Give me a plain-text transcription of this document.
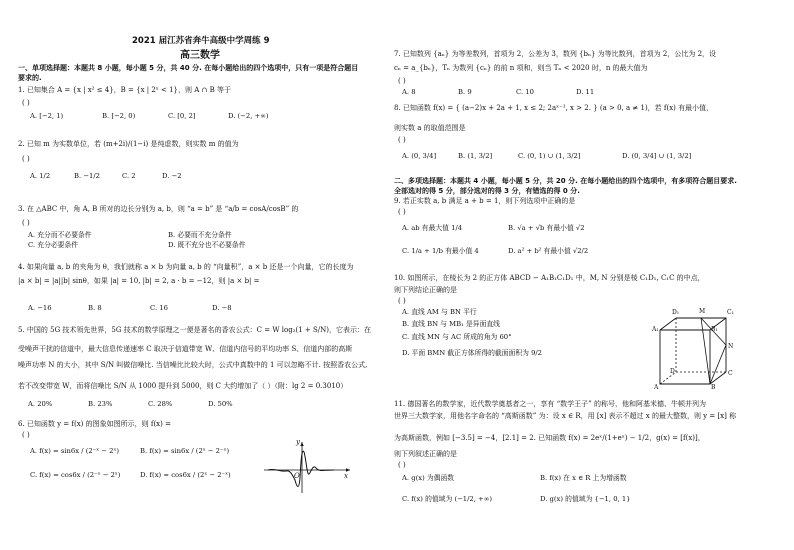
2021 届江苏省奔牛高级中学周练 9
高三数学
一、单项选择题：本题共 8 小题，每小题 5 分，共 40 分. 在每小题给出的四个选项中，只有一项是符合题目
要求的.
1. 已知集合 A = {x | x² ≤ 4}，B = {x | 2ˣ < 1}，则 A ∩ B 等于
( )
A. [−2, 1)	B. [−2, 0)	C. [0, 2]	D. (−2, +∞)
2. 已知 m 为实数单位，若 (m+2i)/(1−i) 是纯虚数，则实数 m 的值为
( )
A. 1/2	B. −1/2	C. 2	D. −2
3. 在 △ABC 中，角 A, B 所对的边长分别为 a, b，则 “a = b” 是 “a/b = cosA/cosB” 的
( )
A. 充分而不必要条件	B. 必要而不充分条件
C. 充分必要条件	D. 既不充分也不必要条件
4. 如果向量 a, b 的夹角为 θ，我们就称 a × b 为向量 a, b 的 “向量积”，a × b 还是一个向量，它的长度为
|a × b| = |a||b| sinθ，如果 |a| = 10, |b| = 2, a · b = −12，则 |a × b| =
A. −16	B. 8	C. 16	D. −8
5. 中国的 5G 技术领先世界，5G 技术的数学原理之一便是著名的香农公式：C = W log₂(1 + S/N)，它表示：在
受噪声干扰的信道中，最大信息传递速率 C 取决于信道带宽 W、信道内信号的平均功率 S、信道内部的高斯
噪声功率 N 的大小，其中 S/N 叫做信噪比. 当信噪比比较大时，公式中真数中的 1 可以忽略不计. 按照香农公式,
若不改变带宽 W，而将信噪比 S/N 从 1000 提升到 5000，则 C 大约增加了（ ）（附：lg 2 = 0.3010）
A. 20%	B. 23%	C. 28%	D. 50%
6. 已知函数 y = f(x) 的图象如图所示，则 f(x) =
( )
A. f(x) = sin6x / (2⁻ˣ − 2ˣ)	B. f(x) = sin6x / (2ˣ − 2⁻ˣ)
C. f(x) = cos6x / (2⁻ˣ − 2ˣ)	D. f(x) = cos6x / (2ˣ − 2⁻ˣ)
y
x
O
7. 已知数列 {aₙ} 为等差数列，首项为 2，公差为 3，数列 {bₙ} 为等比数列，首项为 2，公比为 2，设
cₙ = a_{bₙ}，Tₙ 为数列 {cₙ} 的前 n 项和，则当 Tₙ < 2020 时，n 的最大值为
( )
A. 8	B. 9	C. 10	D. 11
8. 已知函数 f(x) = { (a−2)x + 2a + 1, x ≤ 2; 2aˣ⁻¹, x > 2. } (a > 0, a ≠ 1)，若 f(x) 有最小值，
则实数 a 的取值范围是
( )
A. (0, 3/4]	B. (1, 3/2]	C. (0, 1) ∪ (1, 3/2]	D. (0, 3/4] ∪ (1, 3/2]
二、多项选择题：本题共 4 小题，每小题 5 分，共 20 分. 在每小题给出的四个选项中，有多项符合题目要求.
全部选对的得 5 分，部分选对的得 3 分，有错选的得 0 分.
9. 若正实数 a, b 满足 a + b = 1，则下列选项中正确的是
( )
A. ab 有最大值 1/4	B. √a + √b 有最小值 √2
C. 1/a + 1/b 有最小值 4	D. a² + b² 有最小值 √2/2
10. 如图所示，在棱长为 2 的正方体 ABCD − A₁B₁C₁D₁ 中，M, N 分别是棱 C₁D₁, C₁C 的中点，
则下列结论正确的是
( )
A. 直线 AM 与 BN 平行
B. 直线 BN 与 MB₁ 是异面直线
C. 直线 MN 与 AC 所成的角为 60°
D. 平面 BMN 截正方体所得的截面面积为 9/2
D₁	C₁
A₁	B₁
M
N
D	C
A	B
11. 德国著名的数学家，近代数学奠基者之一，享有 “数学王子” 的称号，他和阿基米德、牛顿并列为
世界三大数学家，用他名字命名的 “高斯函数” 为：设 x ∈ R，用 [x] 表示不超过 x 的最大整数，则 y = [x] 称
为高斯函数，例如 [−3.5] = −4，[2.1] = 2. 已知函数 f(x) = 2eˣ/(1+eˣ) − 1/2，g(x) = [f(x)]，
则下列叙述正确的是
( )
A. g(x) 为偶函数	B. f(x) 在 x ∈ R 上为增函数
C. f(x) 的值域为 (−1/2, +∞)	D. g(x) 的值域为 {−1, 0, 1}
